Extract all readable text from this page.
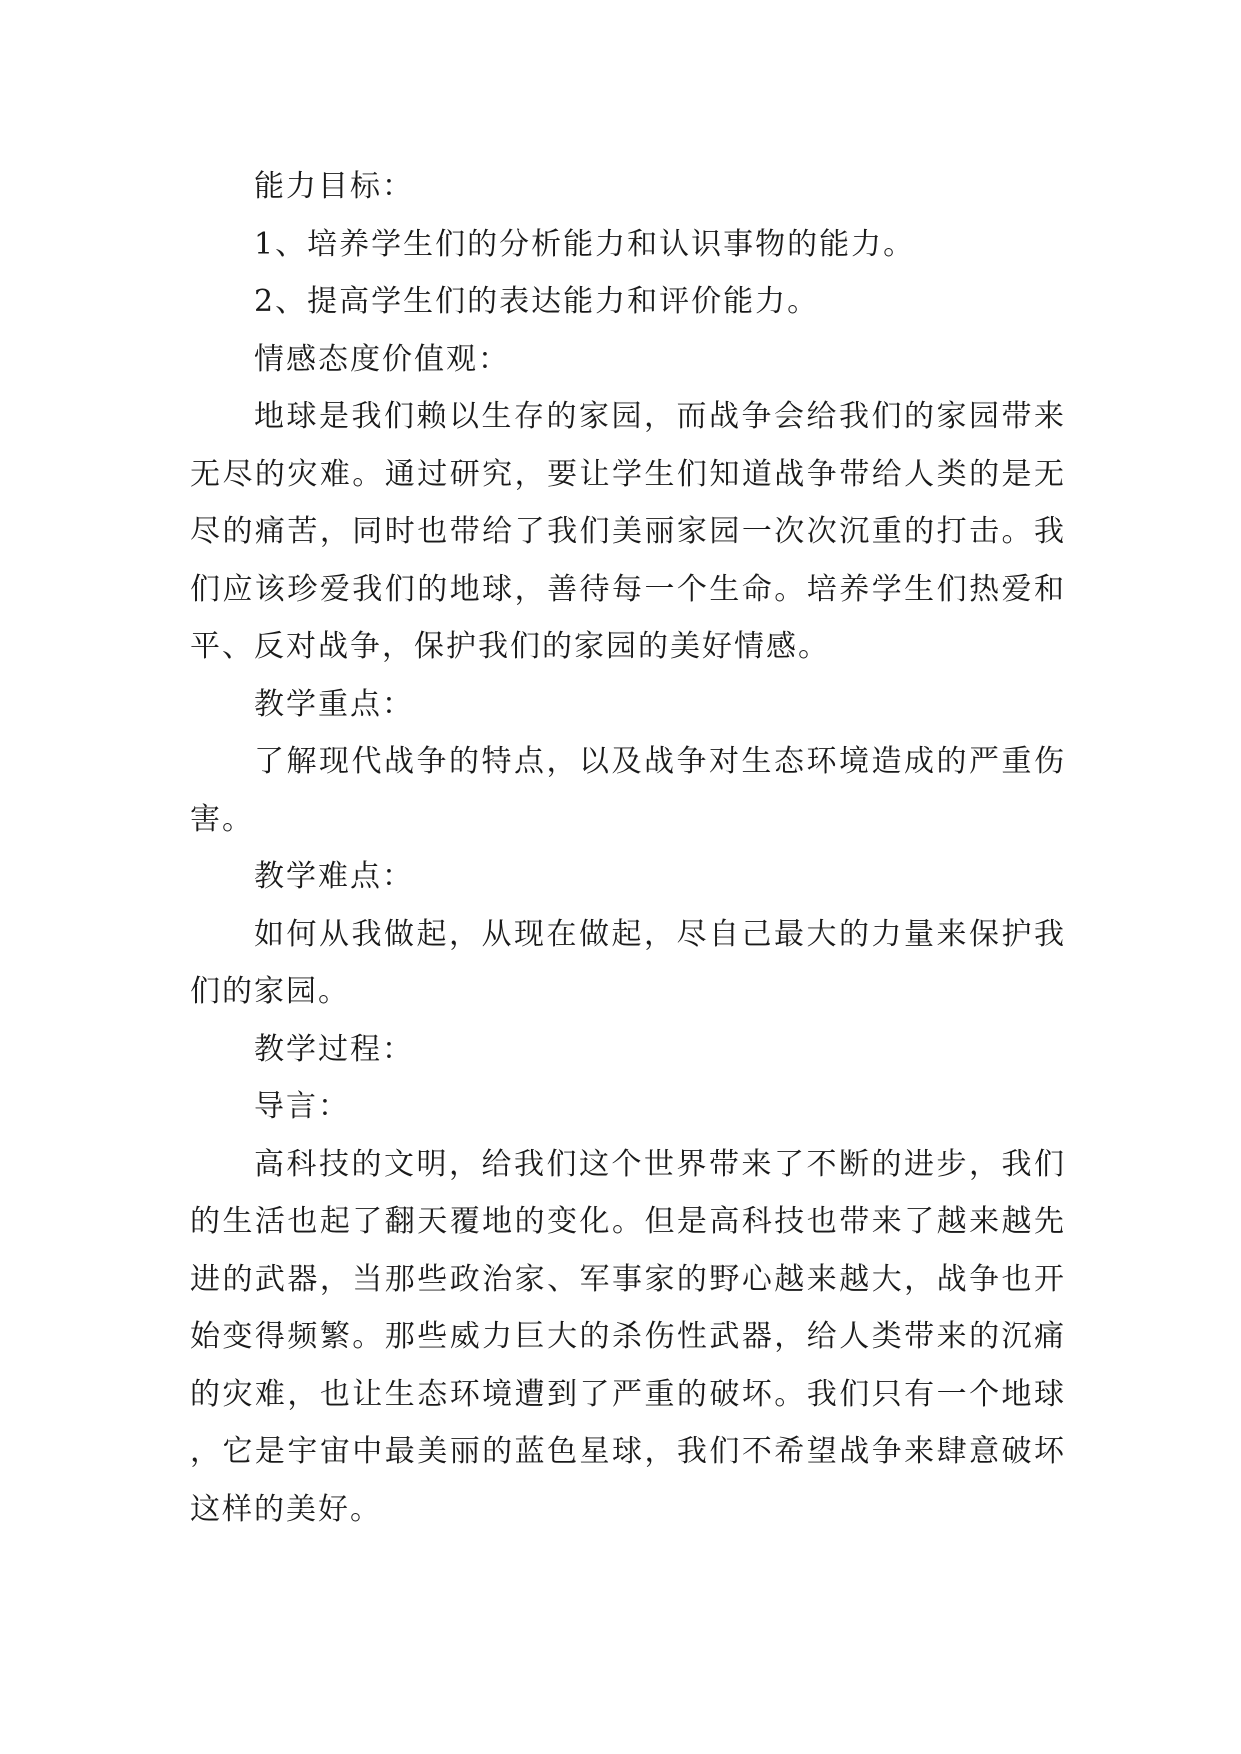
能力目标：

1、培养学生们的分析能力和认识事物的能力。

2、提高学生们的表达能力和评价能力。

情感态度价值观：

地球是我们赖以生存的家园，而战争会给我们的家园带来无尽的灾难。通过研究，要让学生们知道战争带给人类的是无尽的痛苦，同时也带给了我们美丽家园一次次沉重的打击。我们应该珍爱我们的地球，善待每一个生命。培养学生们热爱和平、反对战争，保护我们的家园的美好情感。

教学重点：

了解现代战争的特点，以及战争对生态环境造成的严重伤害。

教学难点：

如何从我做起，从现在做起，尽自己最大的力量来保护我们的家园。

教学过程：

导言：

高科技的文明，给我们这个世界带来了不断的进步，我们的生活也起了翻天覆地的变化。但是高科技也带来了越来越先进的武器，当那些政治家、军事家的野心越来越大，战争也开始变得频繁。那些威力巨大的杀伤性武器，给人类带来的沉痛的灾难，也让生态环境遭到了严重的破坏。我们只有一个地球，它是宇宙中最美丽的蓝色星球，我们不希望战争来肆意破坏这样的美好。
